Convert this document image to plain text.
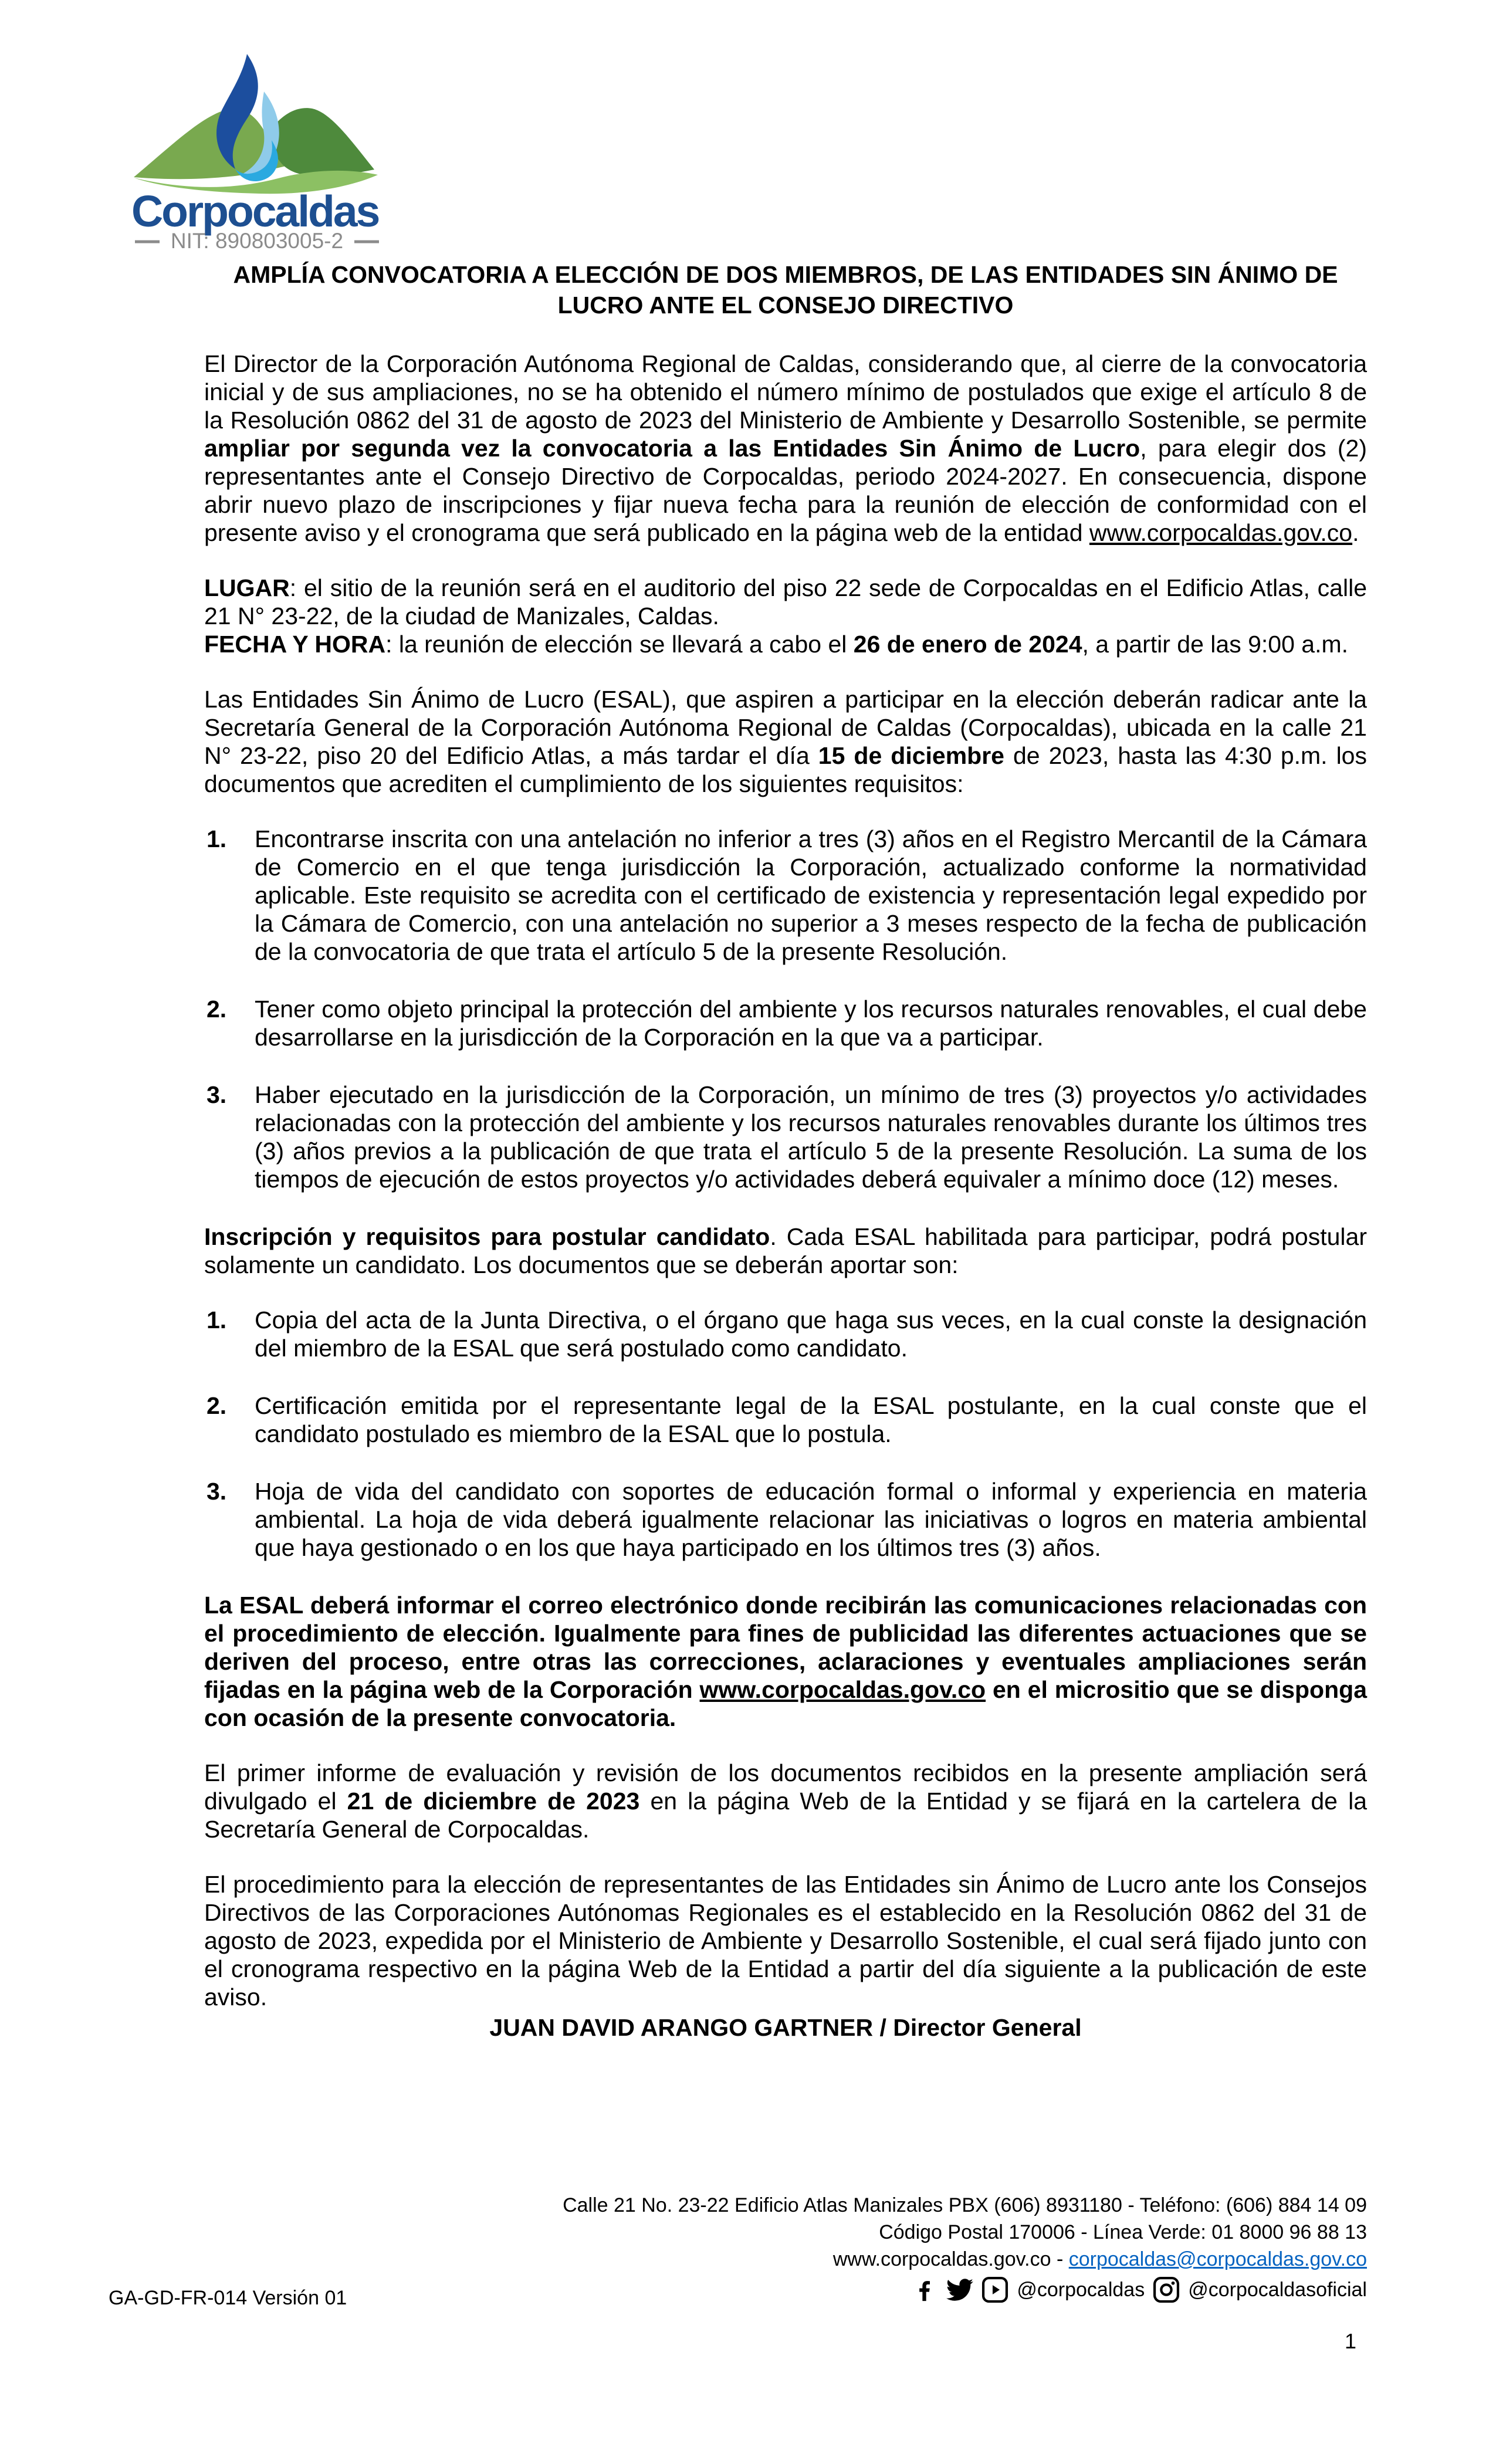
Corpocaldas
NIT: 890803005-2
AMPLÍA CONVOCATORIA A ELECCIÓN DE DOS MIEMBROS, DE LAS ENTIDADES SIN ÁNIMO DE
LUCRO ANTE EL CONSEJO DIRECTIVO

El Director de la Corporación Autónoma Regional de Caldas, considerando que, al cierre de la convocatoria inicial y de sus ampliaciones, no se ha obtenido el número mínimo de postulados que exige el artículo 8 de la Resolución 0862 del 31 de agosto de 2023 del Ministerio de Ambiente y Desarrollo Sostenible, se permite ampliar por segunda vez la convocatoria a las Entidades Sin Ánimo de Lucro, para elegir dos (2) representantes ante el Consejo Directivo de Corpocaldas, periodo 2024-2027. En consecuencia, dispone abrir nuevo plazo de inscripciones y fijar nueva fecha para la reunión de elección de conformidad con el presente aviso y el cronograma que será publicado en la página web de la entidad www.corpocaldas.gov.co.

LUGAR: el sitio de la reunión será en el auditorio del piso 22 sede de Corpocaldas en el Edificio Atlas, calle 21 N° 23-22, de la ciudad de Manizales, Caldas.

FECHA Y HORA: la reunión de elección se llevará a cabo el 26 de enero de 2024, a partir de las 9:00 a.m.

Las Entidades Sin Ánimo de Lucro (ESAL), que aspiren a participar en la elección deberán radicar ante la Secretaría General de la Corporación Autónoma Regional de Caldas (Corpocaldas), ubicada en la calle 21 N° 23-22, piso 20 del Edificio Atlas, a más tardar el día 15 de diciembre de 2023, hasta las 4:30 p.m. los documentos que acrediten el cumplimiento de los siguientes requisitos:

1. Encontrarse inscrita con una antelación no inferior a tres (3) años en el Registro Mercantil de la Cámara de Comercio en el que tenga jurisdicción la Corporación, actualizado conforme la normatividad aplicable. Este requisito se acredita con el certificado de existencia y representación legal expedido por la Cámara de Comercio, con una antelación no superior a 3 meses respecto de la fecha de publicación de la convocatoria de que trata el artículo 5 de la presente Resolución.
2. Tener como objeto principal la protección del ambiente y los recursos naturales renovables, el cual debe desarrollarse en la jurisdicción de la Corporación en la que va a participar.
3. Haber ejecutado en la jurisdicción de la Corporación, un mínimo de tres (3) proyectos y/o actividades relacionadas con la protección del ambiente y los recursos naturales renovables durante los últimos tres (3) años previos a la publicación de que trata el artículo 5 de la presente Resolución. La suma de los tiempos de ejecución de estos proyectos y/o actividades deberá equivaler a mínimo doce (12) meses.

Inscripción y requisitos para postular candidato. Cada ESAL habilitada para participar, podrá postular solamente un candidato. Los documentos que se deberán aportar son:

1. Copia del acta de la Junta Directiva, o el órgano que haga sus veces, en la cual conste la designación del miembro de la ESAL que será postulado como candidato.
2. Certificación emitida por el representante legal de la ESAL postulante, en la cual conste que el candidato postulado es miembro de la ESAL que lo postula.
3. Hoja de vida del candidato con soportes de educación formal o informal y experiencia en materia ambiental. La hoja de vida deberá igualmente relacionar las iniciativas o logros en materia ambiental que haya gestionado o en los que haya participado en los últimos tres (3) años.

La ESAL deberá informar el correo electrónico donde recibirán las comunicaciones relacionadas con el procedimiento de elección. Igualmente para fines de publicidad las diferentes actuaciones que se deriven del proceso, entre otras las correcciones, aclaraciones y eventuales ampliaciones serán fijadas en la página web de la Corporación www.corpocaldas.gov.co en el micrositio que se disponga con ocasión de la presente convocatoria.

El primer informe de evaluación y revisión de los documentos recibidos en la presente ampliación será divulgado el 21 de diciembre de 2023 en la página Web de la Entidad y se fijará en la cartelera de la Secretaría General de Corpocaldas.

El procedimiento para la elección de representantes de las Entidades sin Ánimo de Lucro ante los Consejos Directivos de las Corporaciones Autónomas Regionales es el establecido en la Resolución 0862 del 31 de agosto de 2023, expedida por el Ministerio de Ambiente y Desarrollo Sostenible, el cual será fijado junto con el cronograma respectivo en la página Web de la Entidad a partir del día siguiente a la publicación de este aviso.

JUAN DAVID ARANGO GARTNER / Director General

Calle 21 No. 23-22 Edificio Atlas Manizales PBX (606) 8931180 - Teléfono: (606) 884 14 09
Código Postal 170006 - Línea Verde: 01 8000 96 88 13
www.corpocaldas.gov.co - corpocaldas@corpocaldas.gov.co
@corpocaldas @corpocaldasoficial
GA-GD-FR-014 Versión 01
1
